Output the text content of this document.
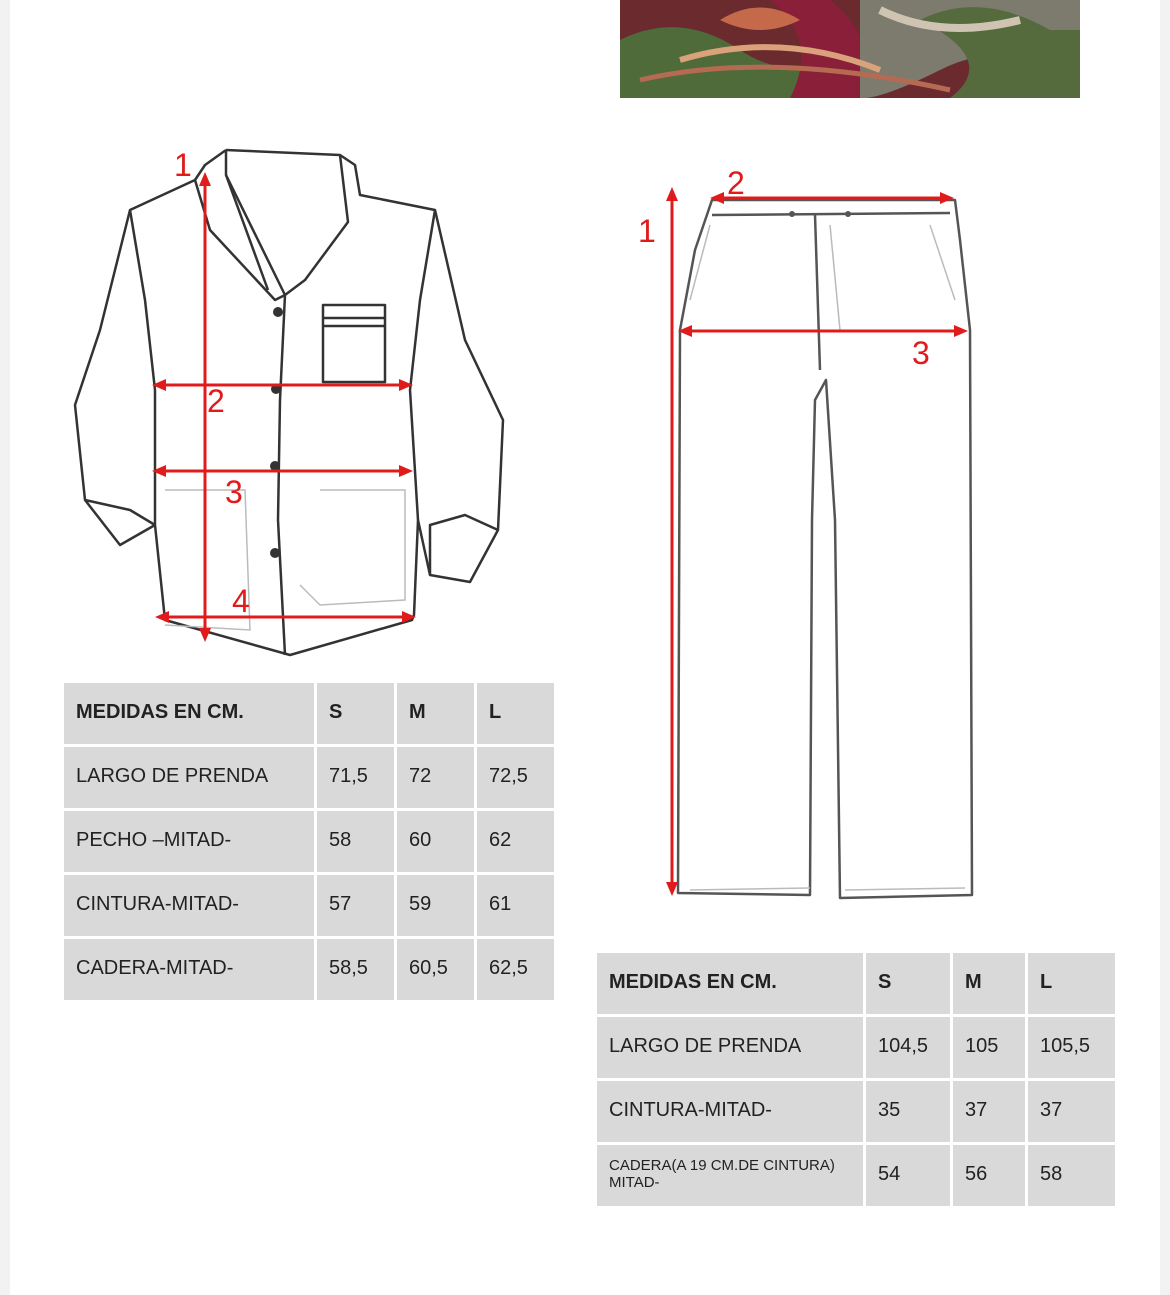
1
2
3
4
1
2
3
MEDIDAS EN CM.	S	M	L
LARGO DE PRENDA	71,5	72	72,5
PECHO –MITAD-	58	60	62
CINTURA-MITAD-	57	59	61
CADERA-MITAD-	58,5	60,5	62,5
MEDIDAS EN CM.	S	M	L
LARGO DE PRENDA	104,5	105	105,5
CINTURA-MITAD-	35	37	37
CADERA(A 19 CM.DE CINTURA) MITAD-	54	56	58
